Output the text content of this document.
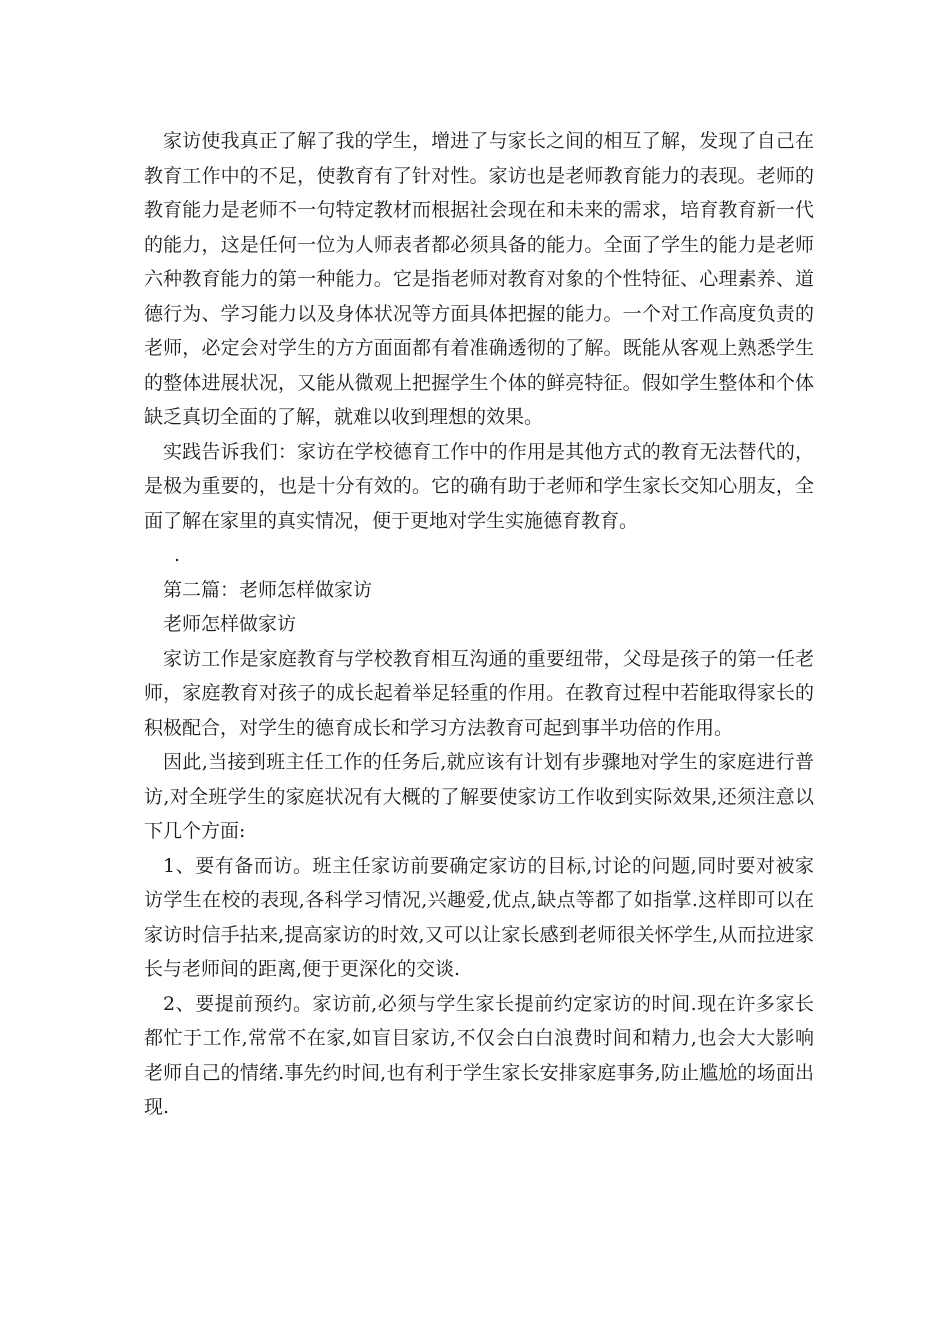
家访使我真正了解了我的学生，增进了与家长之间的相互了解，发现了自己在教育工作中的不足，使教育有了针对性。家访也是老师教育能力的表现。老师的教育能力是老师不一句特定教材而根据社会现在和未来的需求，培育教育新一代的能力，这是任何一位为人师表者都必须具备的能力。全面了学生的能力是老师六种教育能力的第一种能力。它是指老师对教育对象的个性特征、心理素养、道德行为、学习能力以及身体状况等方面具体把握的能力。一个对工作高度负责的老师，必定会对学生的方方面面都有着准确透彻的了解。既能从客观上熟悉学生的整体进展状况，又能从微观上把握学生个体的鲜亮特征。假如学生整体和个体缺乏真切全面的了解，就难以收到理想的效果。

实践告诉我们：家访在学校德育工作中的作用是其他方式的教育无法替代的，是极为重要的，也是十分有效的。它的确有助于老师和学生家长交知心朋友，全面了解在家里的真实情况，便于更地对学生实施德育教育。

.

第二篇：老师怎样做家访

老师怎样做家访

家访工作是家庭教育与学校教育相互沟通的重要纽带，父母是孩子的第一任老师，家庭教育对孩子的成长起着举足轻重的作用。在教育过程中若能取得家长的积极配合，对学生的德育成长和学习方法教育可起到事半功倍的作用。

因此,当接到班主任工作的任务后,就应该有计划有步骤地对学生的家庭进行普访,对全班学生的家庭状况有大概的了解要使家访工作收到实际效果,还须注意以下几个方面:

1、要有备而访。班主任家访前要确定家访的目标,讨论的问题,同时要对被家访学生在校的表现,各科学习情况,兴趣爱,优点,缺点等都了如指掌.这样即可以在家访时信手拈来,提高家访的时效,又可以让家长感到老师很关怀学生,从而拉进家长与老师间的距离,便于更深化的交谈.

2、要提前预约。家访前,必须与学生家长提前约定家访的时间.现在许多家长都忙于工作,常常不在家,如盲目家访,不仅会白白浪费时间和精力,也会大大影响老师自己的情绪.事先约时间,也有利于学生家长安排家庭事务,防止尴尬的场面出现.
